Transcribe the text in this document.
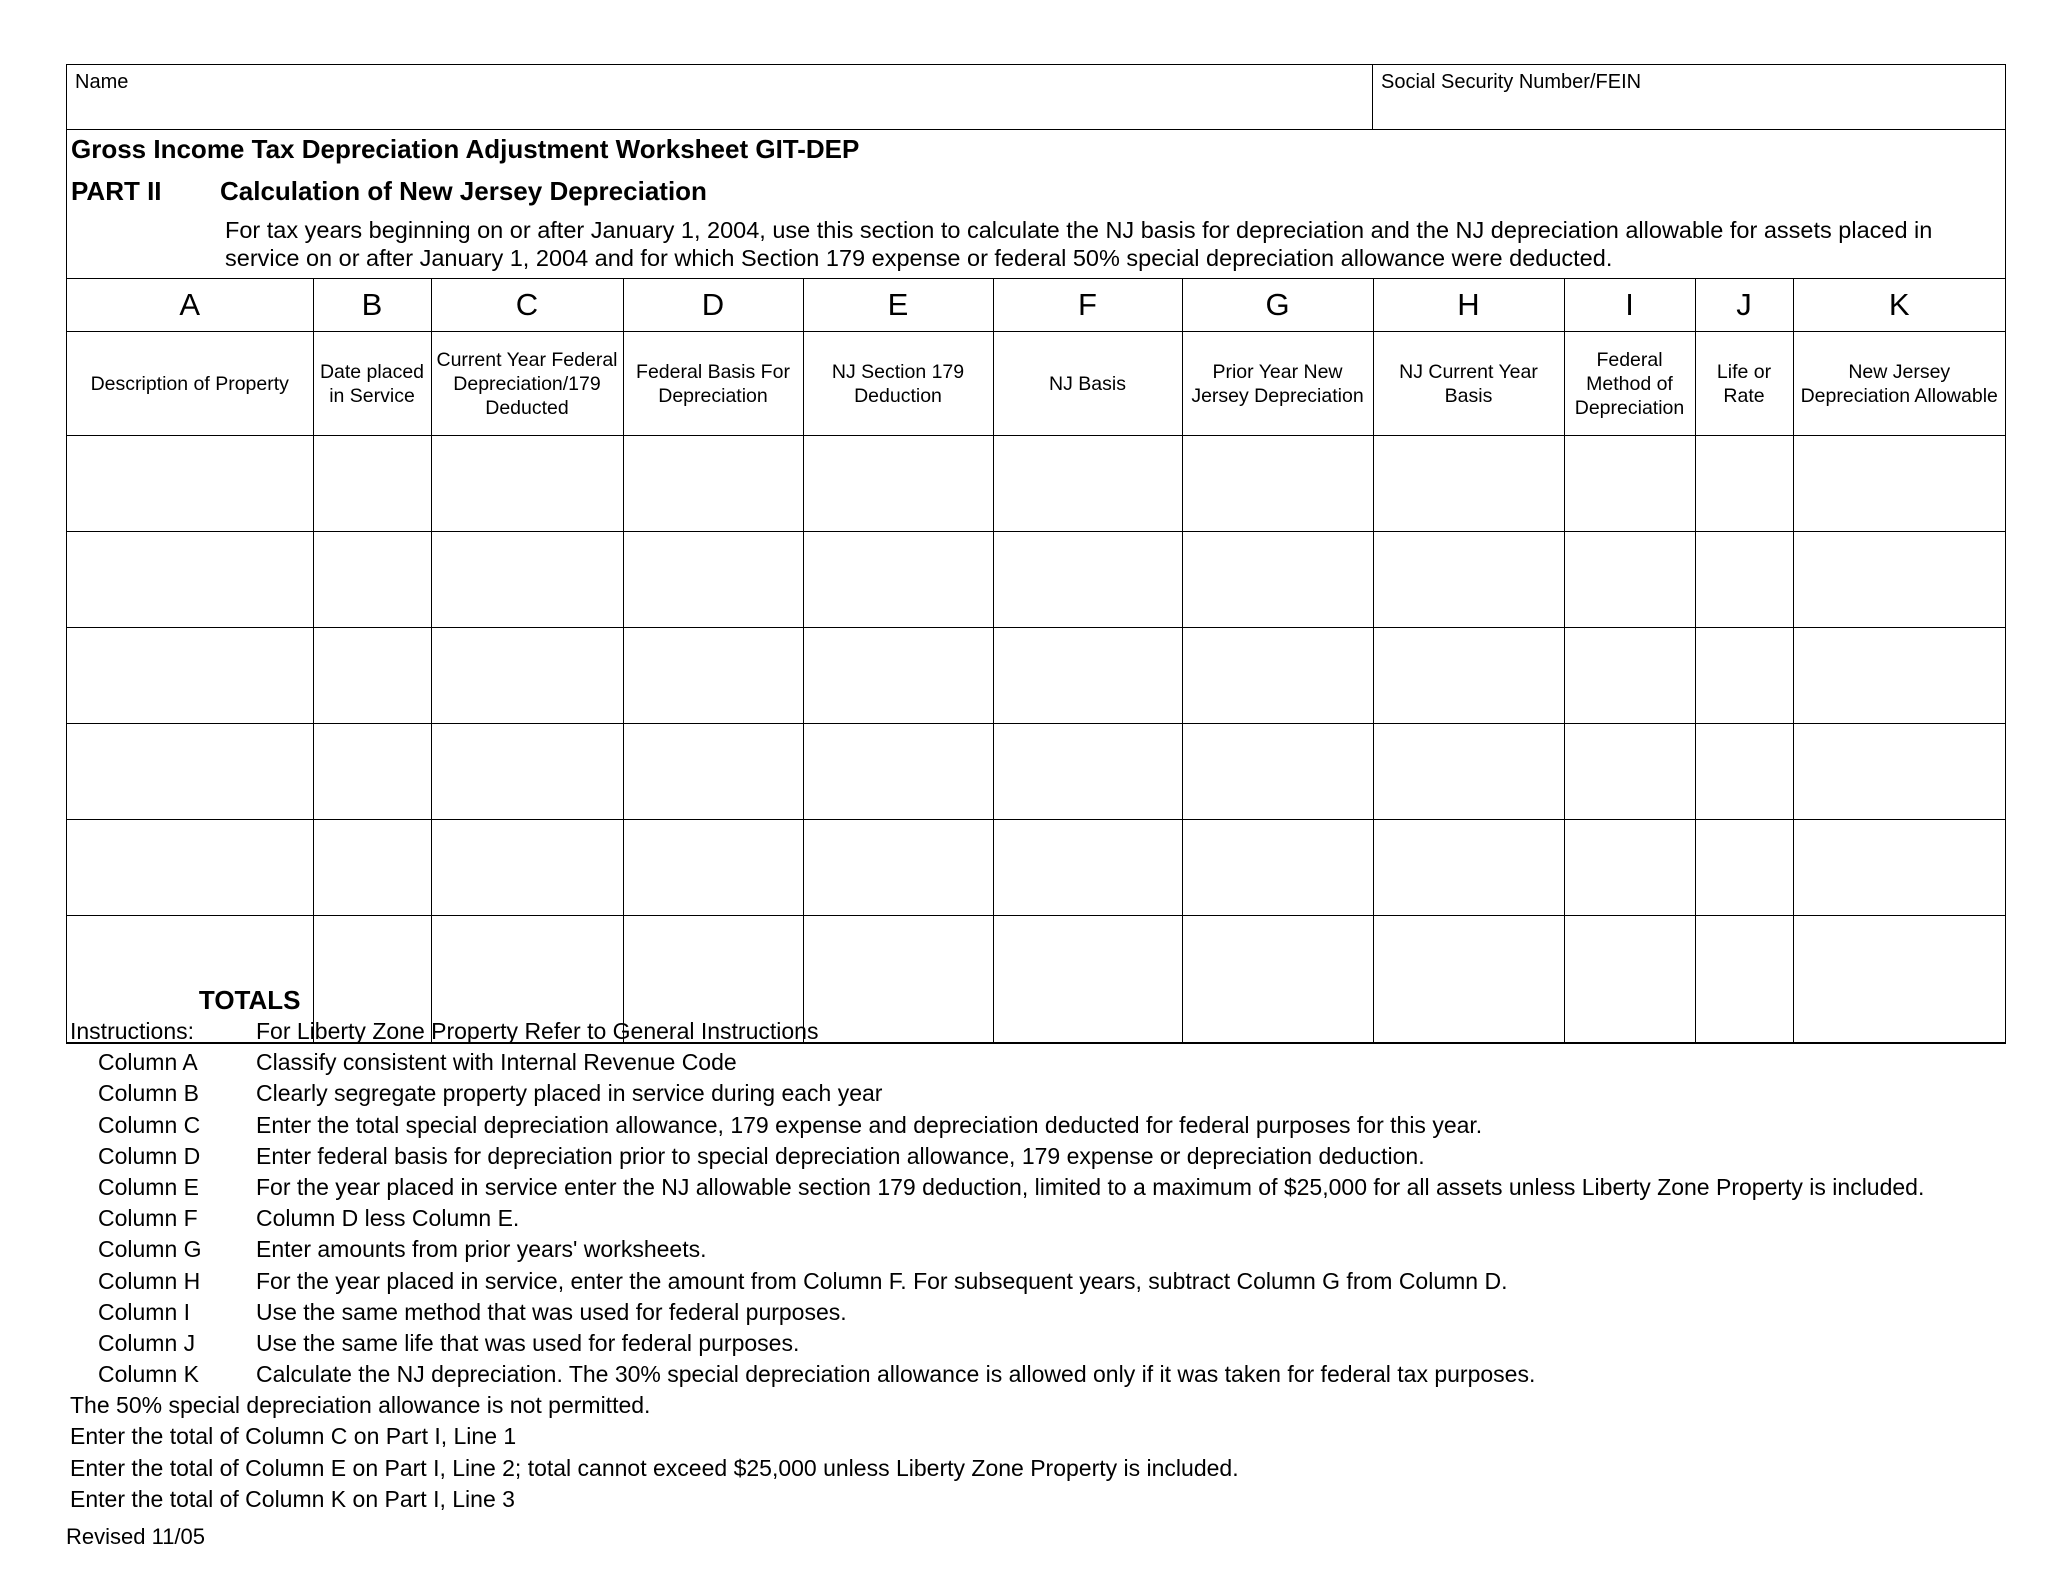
Name	Social Security Number/FEIN
Gross Income Tax Depreciation Adjustment Worksheet GIT-DEP
PART II Calculation of New Jersey Depreciation
For tax years beginning on or after January 1, 2004, use this section to calculate the NJ basis for depreciation and the NJ depreciation allowable for assets placed in service on or after January 1, 2004 and for which Section 179 expense or federal 50% special depreciation allowance were deducted.
A	B	C	D	E	F	G	H	I	J	K
Description of Property	Date placed in Service	Current Year Federal Depreciation/179 Deducted	Federal Basis For Depreciation	NJ Section 179 Deduction	NJ Basis	Prior Year New Jersey Depreciation	NJ Current Year Basis	Federal Method of Depreciation	Life or Rate	New Jersey Depreciation Allowable

TOTALS										
Instructions:	For Liberty Zone Property Refer to General Instructions
Column A	Classify consistent with Internal Revenue Code
Column B	Clearly segregate property placed in service during each year
Column C	Enter the total special depreciation allowance, 179 expense and depreciation deducted for federal purposes for this year.
Column D	Enter federal basis for depreciation prior to special depreciation allowance, 179 expense or depreciation deduction.
Column E	For the year placed in service enter the NJ allowable section 179 deduction, limited to a maximum of $25,000 for all assets unless Liberty Zone Property is included.
Column F	Column D less Column E.
Column G	Enter amounts from prior years' worksheets.
Column H	For the year placed in service, enter the amount from Column F. For subsequent years, subtract Column G from Column D.
Column I	Use the same method that was used for federal purposes.
Column J	Use the same life that was used for federal purposes.
Column K	Calculate the NJ depreciation. The 30% special depreciation allowance is allowed only if it was taken for federal tax purposes.
The 50% special depreciation allowance is not permitted.
Enter the total of Column C on Part I, Line 1
Enter the total of Column E on Part I, Line 2; total cannot exceed $25,000 unless Liberty Zone Property is included.
Enter the total of Column K on Part I, Line 3
Revised 11/05
